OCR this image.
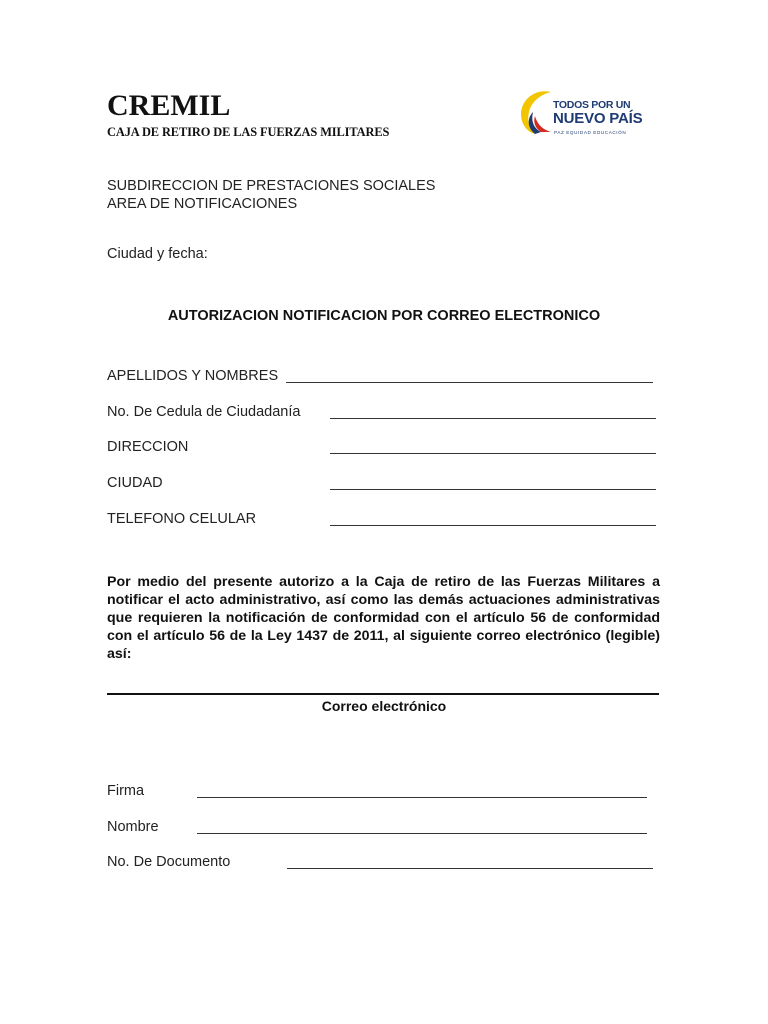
CREMIL
CAJA DE RETIRO DE LAS FUERZAS MILITARES
TODOS POR UN
NUEVO PAÍS
PAZ EQUIDAD EDUCACIÓN
SUBDIRECCION DE PRESTACIONES SOCIALES
AREA DE NOTIFICACIONES
Ciudad y fecha:
AUTORIZACION NOTIFICACION POR CORREO ELECTRONICO
APELLIDOS Y NOMBRES
No. De Cedula de Ciudadanía
DIRECCION
CIUDAD
TELEFONO CELULAR

Por medio del presente autorizo a la Caja de retiro de las Fuerzas Militares a notificar el acto administrativo, así como las demás actuaciones administrativas que requieren la notificación de conformidad con el artículo 56 de conformidad con el artículo 56 de la Ley 1437 de 2011, al siguiente correo electrónico (legible) así:

Correo electrónico
Firma
Nombre
No. De Documento
